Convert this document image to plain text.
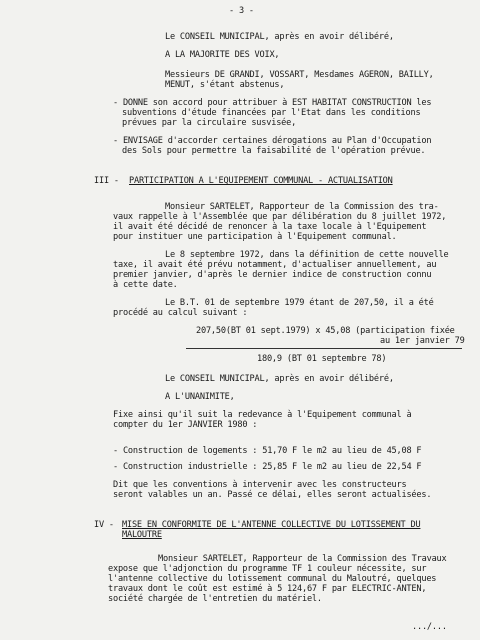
- 3 -
Le CONSEIL MUNICIPAL, après en avoir délibéré,
A LA MAJORITE DES VOIX,
Messieurs DE GRANDI, VOSSART, Mesdames AGERON, BAILLY,
MENUT, s'étant abstenus,
- DONNE son accord pour attribuer à EST HABITAT CONSTRUCTION les
subventions d'étude financées par l'Etat dans les conditions
prévues par la circulaire susvisée,
- ENVISAGE d'accorder certaines dérogations au Plan d'Occupation
des Sols pour permettre la faisabilité de l'opération prévue.
III - PARTICIPATION A L'EQUIPEMENT COMMUNAL - ACTUALISATION
Monsieur SARTELET, Rapporteur de la Commission des tra-
vaux rappelle à l'Assemblée que par délibération du 8 juillet 1972,
il avait été décidé de renoncer à la taxe locale à l'Equipement
pour instituer une participation à l'Equipement communal.
Le 8 septembre 1972, dans la définition de cette nouvelle
taxe, il avait été prévu notamment, d'actualiser annuellement, au
premier janvier, d'après le dernier indice de construction connu
à cette date.
Le B.T. 01 de septembre 1979 étant de 207,50, il a été
procédé au calcul suivant :
207,50(BT 01 sept.1979) x 45,08 (participation fixée
au 1er janvier 79
180,9 (BT 01 septembre 78)
Le CONSEIL MUNICIPAL, après en avoir délibéré,
A L'UNANIMITE,
Fixe ainsi qu'il suit la redevance à l'Equipement communal à
compter du 1er JANVIER 1980 :
- Construction de logements : 51,70 F le m2 au lieu de 45,08 F
- Construction industrielle : 25,85 F le m2 au lieu de 22,54 F
Dit que les conventions à intervenir avec les constructeurs
seront valables un an. Passé ce délai, elles seront actualisées.
IV - MISE EN CONFORMITE DE L'ANTENNE COLLECTIVE DU LOTISSEMENT DU
MALOUTRE
Monsieur SARTELET, Rapporteur de la Commission des Travaux
expose que l'adjonction du programme TF 1 couleur nécessite, sur
l'antenne collective du lotissement communal du Maloutré, quelques
travaux dont le coût est estimé à 5 124,67 F par ELECTRIC-ANTEN,
société chargée de l'entretien du matériel.
.../...
